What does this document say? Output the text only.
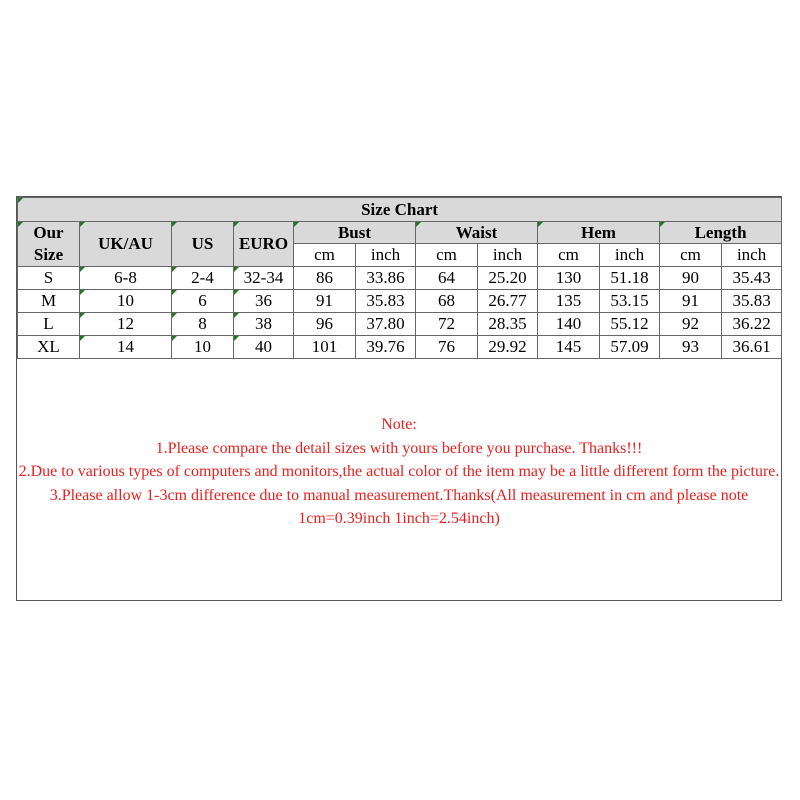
Size Chart											
Our Size	UK/AU	US	EURO	Bust		Waist		Hem		Length	
				cm	inch	cm	inch	cm	inch	cm	inch
S	6-8	2-4	32-34	86	33.86	64	25.20	130	51.18	90	35.43
M	10	6	36	91	35.83	68	26.77	135	53.15	91	35.83
L	12	8	38	96	37.80	72	28.35	140	55.12	92	36.22
XL	14	10	40	101	39.76	76	29.92	145	57.09	93	36.61
Note:
1.Please compare the detail sizes with yours before you purchase. Thanks!!!
2.Due to various types of computers and monitors,the actual color of the item may be a little different form the picture.
3.Please allow 1-3cm difference due to manual measurement.Thanks(All measurement in cm and please note 1cm=0.39inch 1inch=2.54inch)
